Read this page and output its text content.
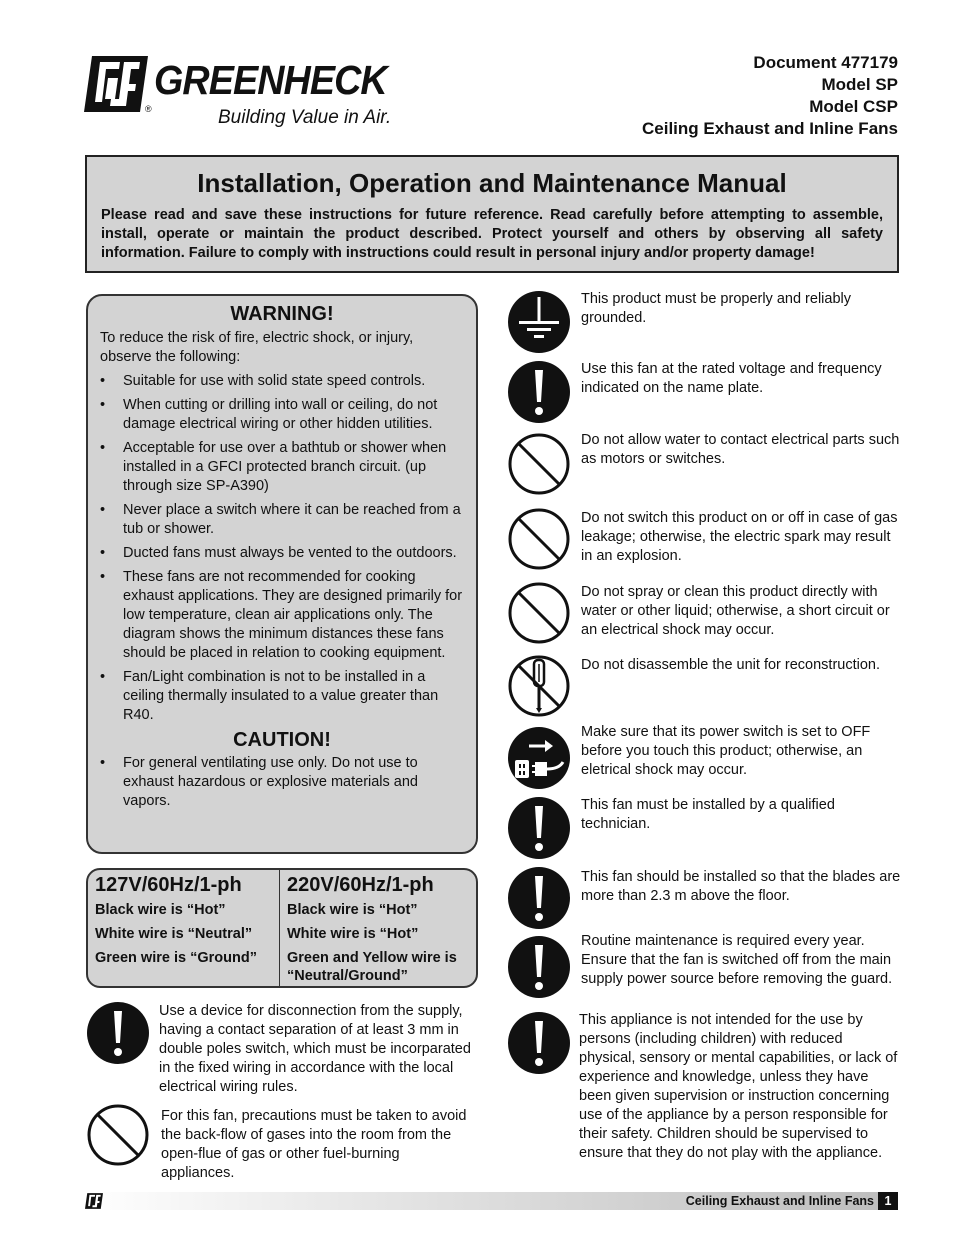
®
GREENHECK
Building Value in Air.
Document 477179
Model SP
Model CSP
Ceiling Exhaust and Inline Fans
Installation, Operation and Maintenance Manual

Please read and save these instructions for future reference. Read carefully before attempting to assemble, install, operate or maintain the product described. Protect yourself and others by observing all safety information. Failure to comply with instructions could result in personal injury and/or property damage!

WARNING!

To reduce the risk of fire, electric shock, or injury, observe the following:

• Suitable for use with solid state speed controls.
• When cutting or drilling into wall or ceiling, do not damage electrical wiring or other hidden utilities.
• Acceptable for use over a bathtub or shower when installed in a GFCI protected branch circuit. (up through size SP-A390)
• Never place a switch where it can be reached from a tub or shower.
• Ducted fans must always be vented to the outdoors.
• These fans are not recommended for cooking exhaust applications. They are designed primarily for low temperature, clean air applications only. The diagram shows the minimum distances these fans should be placed in relation to cooking equipment.
• Fan/Light combination is not to be installed in a ceiling thermally insulated to a value greater than R40.
CAUTION!
• For general ventilating use only. Do not use to exhaust hazardous or explosive materials and vapors.
127V/60Hz/1-ph
Black wire is “Hot”
White wire is “Neutral”
Green wire is “Ground”
220V/60Hz/1-ph
Black wire is “Hot”
White wire is “Hot”
Green and Yellow wire is “Neutral/Ground”
Use a device for disconnection from the supply, having a contact separation of at least 3 mm in double poles switch, which must be incorparated in the fixed wiring in accordance with the local electrical wiring rules.
For this fan, precautions must be taken to avoid the back-flow of gases into the room from the open-flue of gas or other fuel-burning appliances.
This product must be properly and reliably grounded.
Use this fan at the rated voltage and frequency indicated on the name plate.
Do not allow water to contact electrical parts such as motors or switches.
Do not switch this product on or off in case of gas leakage; otherwise, the electric spark may result in an explosion.
Do not spray or clean this product directly with water or other liquid; otherwise, a short circuit or an electrical shock may occur.
Do not disassemble the unit for reconstruction.
Make sure that its power switch is set to OFF before you touch this product; otherwise, an eletrical shock may occur.
This fan must be installed by a qualified technician.
This fan should be installed so that the blades are more than 2.3 m above the floor.
Routine maintenance is required every year. Ensure that the fan is switched off from the main supply power source before removing the guard.
This appliance is not intended for the use by persons (including children) with reduced physical, sensory or mental capabilities, or lack of experience and knowledge, unless they have been given supervision or instruction concerning use of the appliance by a person responsible for their safety. Children should be supervised to ensure that they do not play with the appliance.
Ceiling Exhaust and Inline Fans 1
